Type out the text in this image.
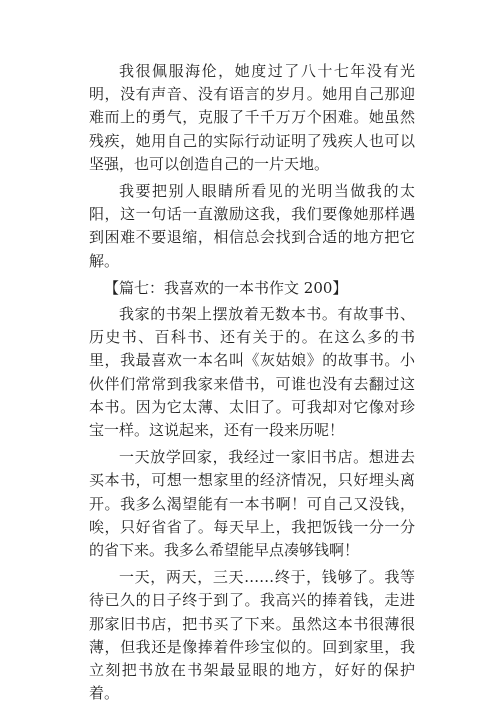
我很佩服海伦，她度过了八十七年没有光明，没有声音、没有语言的岁月。她用自己那迎难而上的勇气，克服了千千万万个困难。她虽然残疾，她用自己的实际行动证明了残疾人也可以坚强，也可以创造自己的一片天地。

我要把别人眼睛所看见的光明当做我的太阳，这一句话一直激励这我，我们要像她那样遇到困难不要退缩，相信总会找到合适的地方把它解。

【篇七：我喜欢的一本书作文 200】

我家的书架上摆放着无数本书。有故事书、历史书、百科书、还有关于的。在这么多的书里，我最喜欢一本名叫《灰姑娘》的故事书。小伙伴们常常到我家来借书，可谁也没有去翻过这本书。因为它太薄、太旧了。可我却对它像对珍宝一样。这说起来，还有一段来历呢！

一天放学回家，我经过一家旧书店。想进去买本书，可想一想家里的经济情况，只好埋头离开。我多么渴望能有一本书啊！可自己又没钱，唉，只好省省了。每天早上，我把饭钱一分一分的省下来。我多么希望能早点凑够钱啊！

一天，两天，三天……终于，钱够了。我等待已久的日子终于到了。我高兴的捧着钱，走进那家旧书店，把书买了下来。虽然这本书很薄很薄，但我还是像捧着件珍宝似的。回到家里，我立刻把书放在书架最显眼的地方，好好的保护着。
